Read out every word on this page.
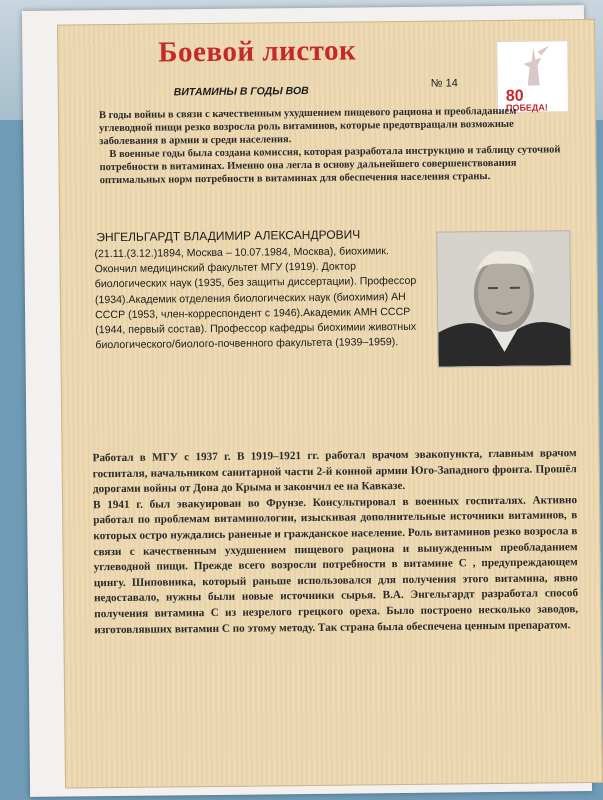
Боевой листок
ВИТАМИНЫ В ГОДЫ ВОВ
№ 14
80
ПОБЕДА!

В годы войны в связи с качественным ухудшением пищевого рациона и преобладанием углеводной пищи резко возросла роль витаминов, которые предотвращали возможные заболевания в армии и среди населения.

В военные годы была создана комиссия, которая разработала инструкцию и таблицу суточной потребности в витаминах. Именно она легла в основу дальнейшего совершенствования оптимальных норм потребности в витаминах для обеспечения населения страны.

ЭНГЕЛЬГАРДТ ВЛАДИМИР АЛЕКСАНДРОВИЧ
(21.11.(3.12.)1894, Москва – 10.07.1984, Москва), биохимик. Окончил медицинский факультет МГУ (1919). Доктор биологических наук (1935, без защиты диссертации). Профессор (1934).Академик отделения биологических наук (биохимия) АН СССР (1953, член-корреспондент с 1946).Академик АМН СССР (1944, первый состав). Профессор кафедры биохимии животных биологического/биолого-почвенного факультета (1939–1959).

Работал в МГУ с 1937 г. В 1919–1921 гг. работал врачом эвакопункта, главным врачом госпиталя, начальником санитарной части 2-й конной армии Юго-Западного фронта. Прошёл дорогами войны от Дона до Крыма и закончил ее на Кавказе.

В 1941 г. был эвакуирован во Фрунзе. Консультировал в военных госпиталях. Активно работал по проблемам витаминологии, изыскивая дополнительные источники витаминов, в которых остро нуждались раненые и гражданское население. Роль витаминов резко возросла в связи с качественным ухудшением пищевого рациона и вынужденным преобладанием углеводной пищи. Прежде всего возросли потребности в витамине С , предупреждающем цингу. Шиповника, который раньше использовался для получения этого витамина, явно недоставало, нужны были новые источники сырья. В.А. Энгельгардт разработал способ получения витамина С из незрелого грецкого ореха. Было построено несколько заводов, изготовлявших витамин С по этому методу. Так страна была обеспечена ценным препаратом.
